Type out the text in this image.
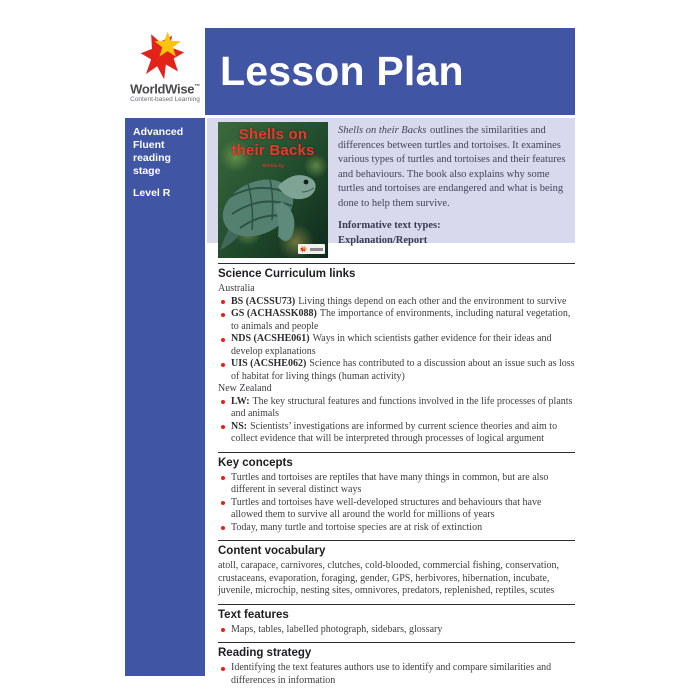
WorldWise™
Content-based Learning
Lesson Plan
Advanced Fluent
reading stage
Level R
Shells on
their Backs
Written by

Shells on their Backs outlines the similarities and differences between turtles and tortoises. It examines various types of turtles and tortoises and their features and behaviours. The book also explains why some turtles and tortoises are endangered and what is being done to help them survive.

Informative text types:
Explanation/Report

Science Curriculum links
Australia
BS (ACSSU73) Living things depend on each other and the environment to survive
GS (ACHASSK088) The importance of environments, including natural vegetation, to animals and people
NDS (ACSHE061) Ways in which scientists gather evidence for their ideas and develop explanations
UIS (ACSHE062) Science has contributed to a discussion about an issue such as loss of habitat for living things (human activity)
New Zealand
LW: The key structural features and functions involved in the life processes of plants and animals
NS: Scientists’ investigations are informed by current science theories and aim to collect evidence that will be interpreted through processes of logical argument
Key concepts
Turtles and tortoises are reptiles that have many things in common, but are also different in several distinct ways
Turtles and tortoises have well-developed structures and behaviours that have allowed them to survive all around the world for millions of years
Today, many turtle and tortoise species are at risk of extinction
Content vocabulary

atoll, carapace, carnivores, clutches, cold-blooded, commercial fishing, conservation, crustaceans, evaporation, foraging, gender, GPS, herbivores, hibernation, incubate, juvenile, microchip, nesting sites, omnivores, predators, replenished, reptiles, scutes

Text features
Maps, tables, labelled photograph, sidebars, glossary
Reading strategy
Identifying the text features authors use to identify and compare similarities and differences in information
